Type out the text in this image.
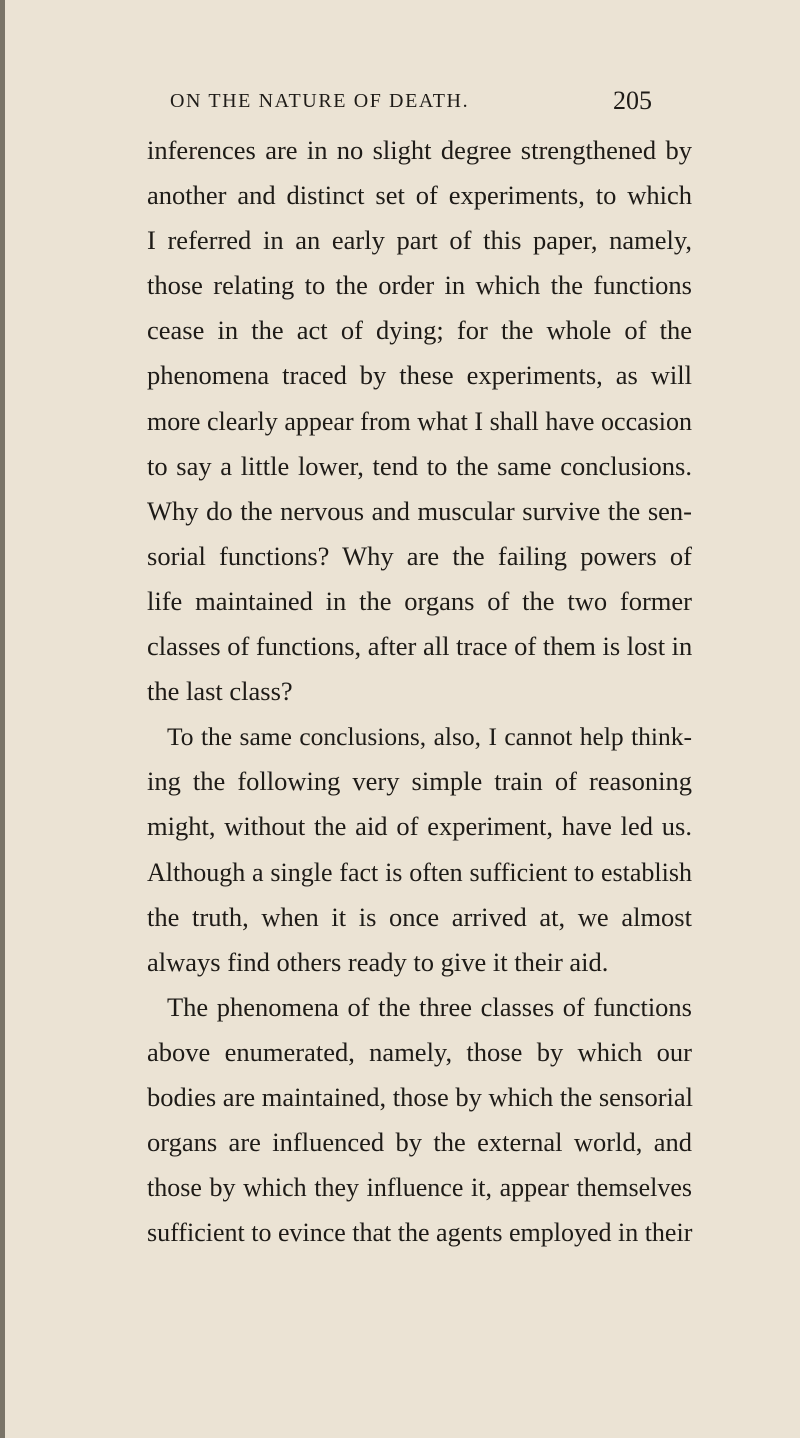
ON THE NATURE OF DEATH.	205
inferences are in no slight degree strengthened by
another and distinct set of experiments, to which
I referred in an early part of this paper, namely,
those relating to the order in which the functions
cease in the act of dying; for the whole of the
phenomena traced by these experiments, as will
more clearly appear from what I shall have occasion
to say a little lower, tend to the same conclusions.
Why do the nervous and muscular survive the sen-
sorial functions? Why are the failing powers of
life maintained in the organs of the two former
classes of functions, after all trace of them is lost in
the last class?
To the same conclusions, also, I cannot help think-
ing the following very simple train of reasoning
might, without the aid of experiment, have led us.
Although a single fact is often sufficient to establish
the truth, when it is once arrived at, we almost
always find others ready to give it their aid.
The phenomena of the three classes of functions
above enumerated, namely, those by which our
bodies are maintained, those by which the sensorial
organs are influenced by the external world, and
those by which they influence it, appear themselves
sufficient to evince that the agents employed in their
